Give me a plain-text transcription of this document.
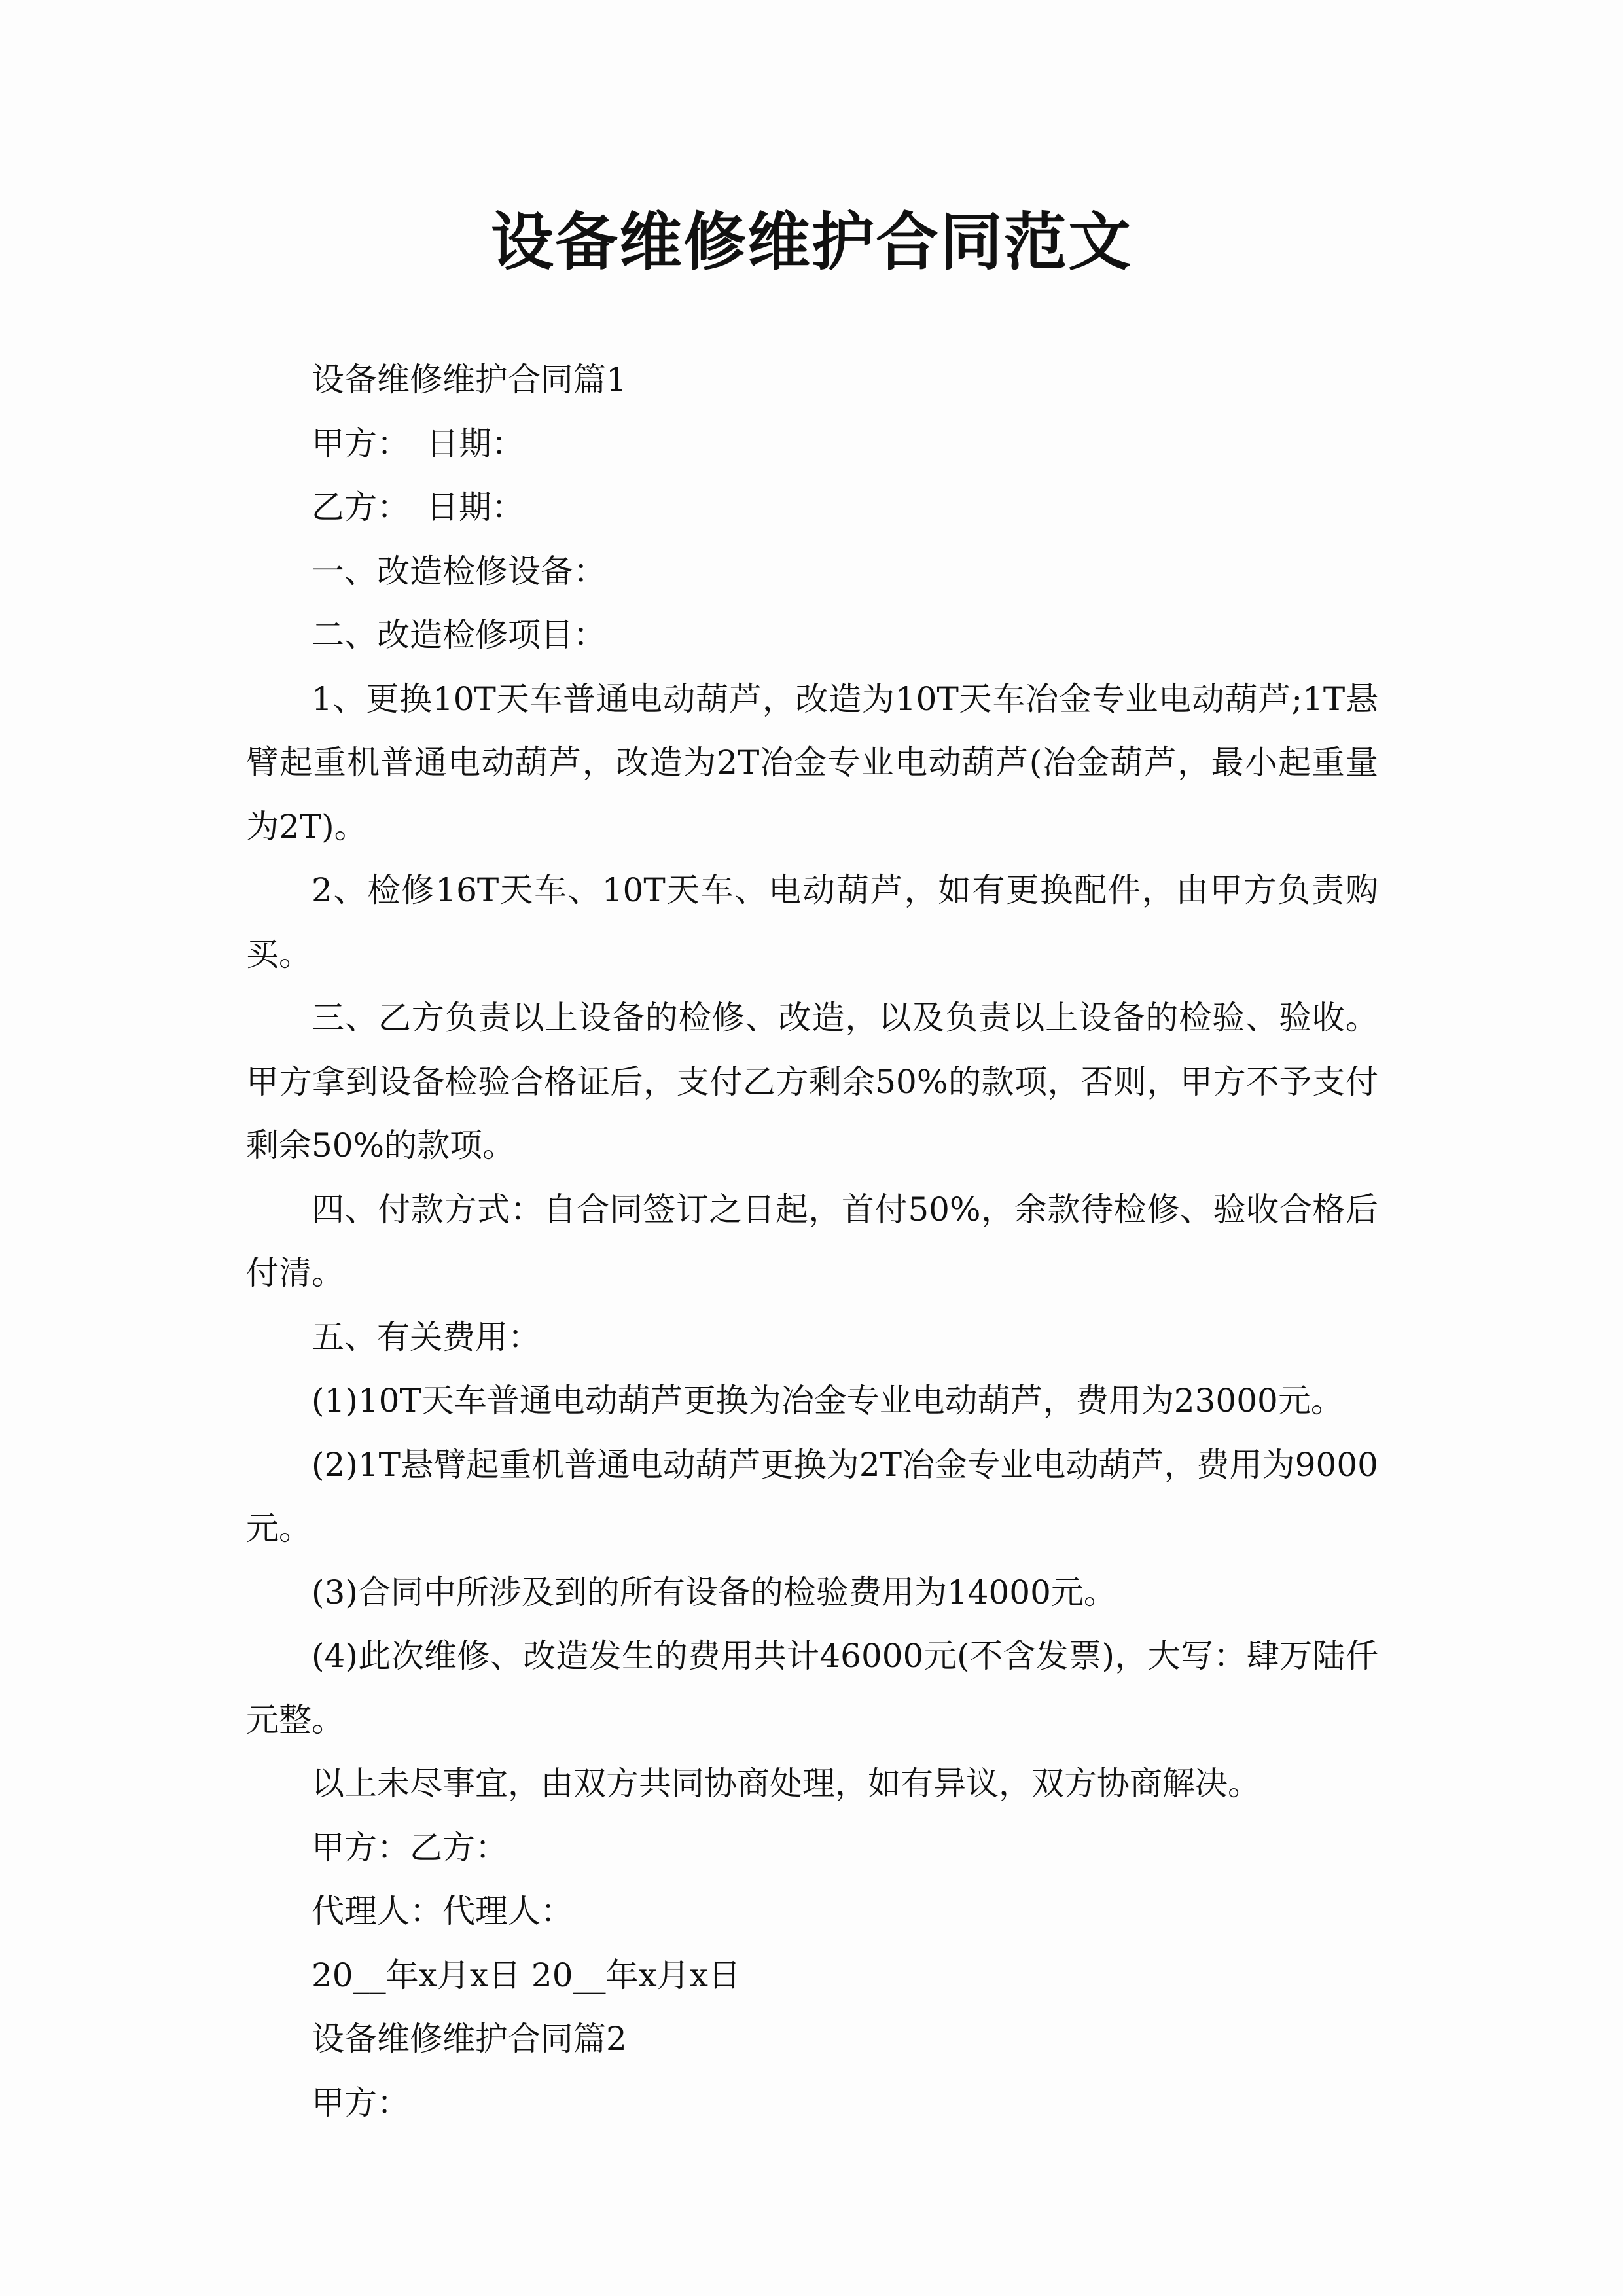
设备维修维护合同范文

设备维修维护合同篇1

甲方：　日期：

乙方：　日期：

一、改造检修设备：

二、改造检修项目：

1、更换10T天车普通电动葫芦，改造为10T天车冶金专业电动葫芦;1T悬臂起重机普通电动葫芦，改造为2T冶金专业电动葫芦(冶金葫芦，最小起重量为2T)。

2、检修16T天车、10T天车、电动葫芦，如有更换配件，由甲方负责购买。

三、乙方负责以上设备的检修、改造，以及负责以上设备的检验、验收。甲方拿到设备检验合格证后，支付乙方剩余50%的款项，否则，甲方不予支付剩余50%的款项。

四、付款方式：自合同签订之日起，首付50%，余款待检修、验收合格后付清。

五、有关费用：

(1)10T天车普通电动葫芦更换为冶金专业电动葫芦，费用为23000元。

(2)1T悬臂起重机普通电动葫芦更换为2T冶金专业电动葫芦，费用为9000元。

(3)合同中所涉及到的所有设备的检验费用为14000元。

(4)此次维修、改造发生的费用共计46000元(不含发票)，大写：肆万陆仟元整。

以上未尽事宜，由双方共同协商处理，如有异议，双方协商解决。

甲方：乙方：

代理人：代理人：

20__年x月x日 20__年x月x日

设备维修维护合同篇2

甲方：
